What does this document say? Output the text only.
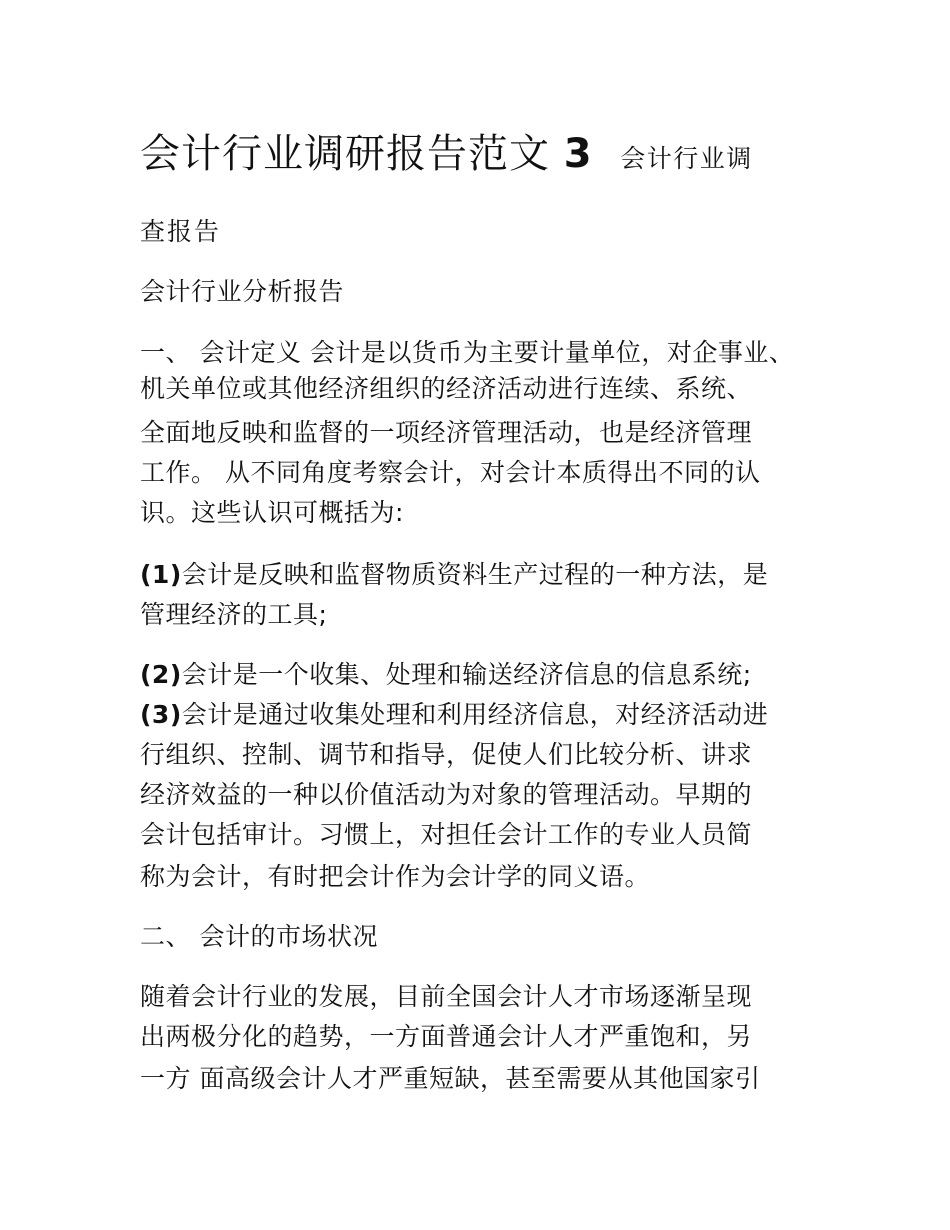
会计行业调研报告范文 3 会计行业调
查报告
会计行业分析报告
一、 会计定义 会计是以货币为主要计量单位，对企事业、
机关单位或其他经济组织的经济活动进行连续、系统、
全面地反映和监督的一项经济管理活动，也是经济管理
工作。 从不同角度考察会计，对会计本质得出不同的认
识。这些认识可概括为:
(1)会计是反映和监督物质资料生产过程的一种方法，是
管理经济的工具;
(2)会计是一个收集、处理和输送经济信息的信息系统;
(3)会计是通过收集处理和利用经济信息，对经济活动进
行组织、控制、调节和指导，促使人们比较分析、讲求
经济效益的一种以价值活动为对象的管理活动。早期的
会计包括审计。习惯上，对担任会计工作的专业人员简
称为会计，有时把会计作为会计学的同义语。
二、 会计的市场状况
随着会计行业的发展，目前全国会计人才市场逐渐呈现
出两极分化的趋势，一方面普通会计人才严重饱和，另
一方 面高级会计人才严重短缺，甚至需要从其他国家引
